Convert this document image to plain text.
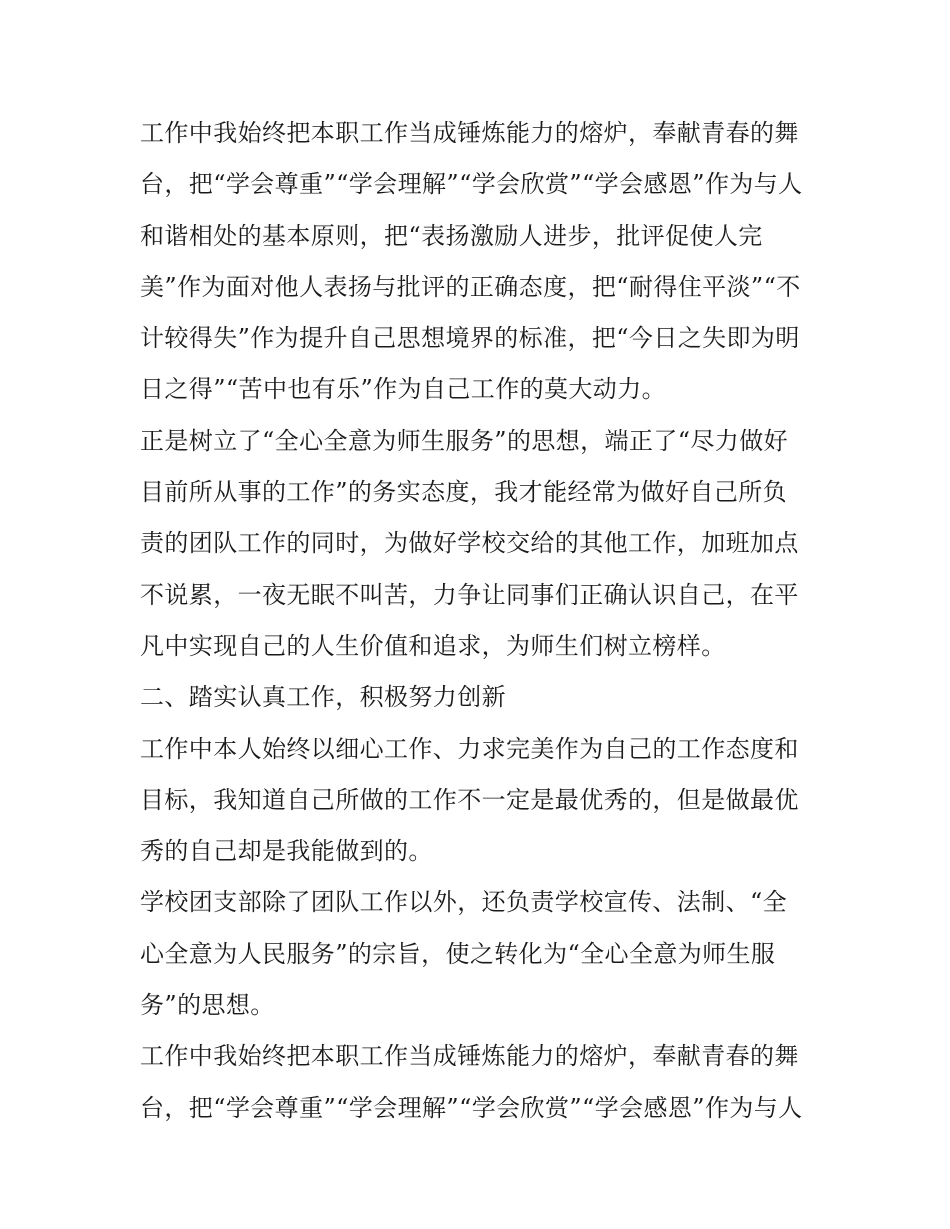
工作中我始终把本职工作当成锤炼能力的熔炉，奉献青春的舞
台，把“学会尊重”“学会理解”“学会欣赏”“学会感恩”作为与人
和谐相处的基本原则，把“表扬激励人进步，批评促使人完
美”作为面对他人表扬与批评的正确态度，把“耐得住平淡”“不
计较得失”作为提升自己思想境界的标准，把“今日之失即为明
日之得”“苦中也有乐”作为自己工作的莫大动力。

正是树立了“全心全意为师生服务”的思想，端正了“尽力做好
目前所从事的工作”的务实态度，我才能经常为做好自己所负
责的团队工作的同时，为做好学校交给的其他工作，加班加点
不说累，一夜无眠不叫苦，力争让同事们正确认识自己，在平
凡中实现自己的人生价值和追求，为师生们树立榜样。

二、踏实认真工作，积极努力创新

工作中本人始终以细心工作、力求完美作为自己的工作态度和
目标，我知道自己所做的工作不一定是最优秀的，但是做最优
秀的自己却是我能做到的。

学校团支部除了团队工作以外，还负责学校宣传、法制、“全
心全意为人民服务”的宗旨，使之转化为“全心全意为师生服
务”的思想。

工作中我始终把本职工作当成锤炼能力的熔炉，奉献青春的舞
台，把“学会尊重”“学会理解”“学会欣赏”“学会感恩”作为与人
